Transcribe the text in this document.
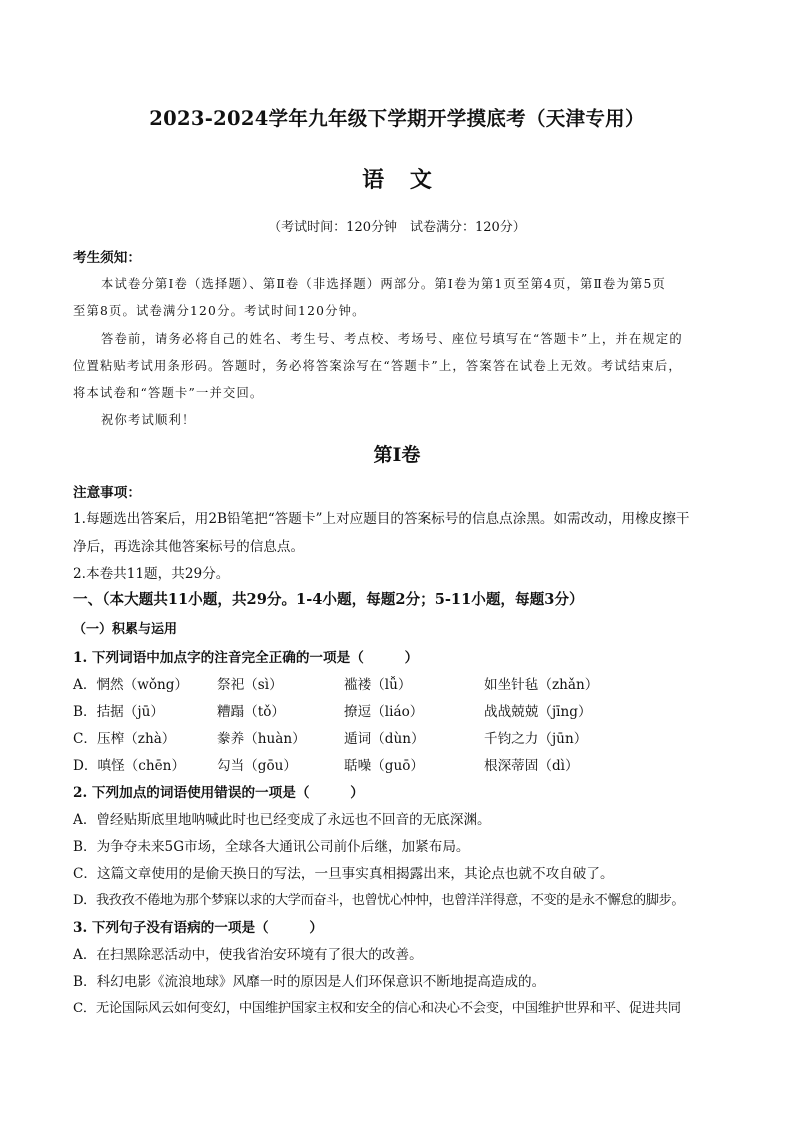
2023-2024学年九年级下学期开学摸底考（天津专用）
语 文
（考试时间：120分钟　试卷满分：120分）
考生须知：
本试卷分第Ⅰ卷（选择题）、第Ⅱ卷（非选择题）两部分。第Ⅰ卷为第1页至第4页，第Ⅱ卷为第5页
至第8页。试卷满分120分。考试时间120分钟。
答卷前，请务必将自己的姓名、考生号、考点校、考场号、座位号填写在“答题卡”上，并在规定的
位置粘贴考试用条形码。答题时，务必将答案涂写在“答题卡”上，答案答在试卷上无效。考试结束后，
将本试卷和“答题卡”一并交回。
祝你考试顺利！
第Ⅰ卷
注意事项：
1.每题选出答案后，用2B铅笔把“答题卡”上对应题目的答案标号的信息点涂黑。如需改动，用橡皮擦干
净后，再选涂其他答案标号的信息点。
2.本卷共11题，共29分。
一、（本大题共11小题，共29分。1-4小题，每题2分；5-11小题，每题3分）
（一）积累与运用
1. 下列词语中加点字的注音完全正确的一项是（　　　）
A．惘然（wǒng） 祭祀（sì）	褴褛（lǚ）	如坐针毡（zhǎn）
B．拮据（jū）	糟蹋（tǒ）	撩逗（liáo）	战战兢兢（jīng）
C．压榨（zhà）	豢养（huàn）	遁词（dùn）	千钧之力（jūn）
D．嗔怪（chēn） 勾当（gōu）	聒噪（guō）	根深蒂固（dì）
2. 下列加点的词语使用错误的一项是（　　　）
A．曾经贴斯底里地呐喊此时也已经变成了永远也不回音的无底深渊。
B．为争夺未来5G市场，全球各大通讯公司前仆后继，加紧布局。
C．这篇文章使用的是偷天换日的写法，一旦事实真相揭露出来，其论点也就不攻自破了。
D．我孜孜不倦地为那个梦寐以求的大学而奋斗，也曾忧心忡忡，也曾洋洋得意，不变的是永不懈怠的脚步。
3. 下列句子没有语病的一项是（　　　）
A．在扫黑除恶活动中，使我省治安环境有了很大的改善。
B．科幻电影《流浪地球》风靡一时的原因是人们环保意识不断地提高造成的。
C．无论国际风云如何变幻，中国维护国家主权和安全的信心和决心不会变，中国维护世界和平、促进共同
